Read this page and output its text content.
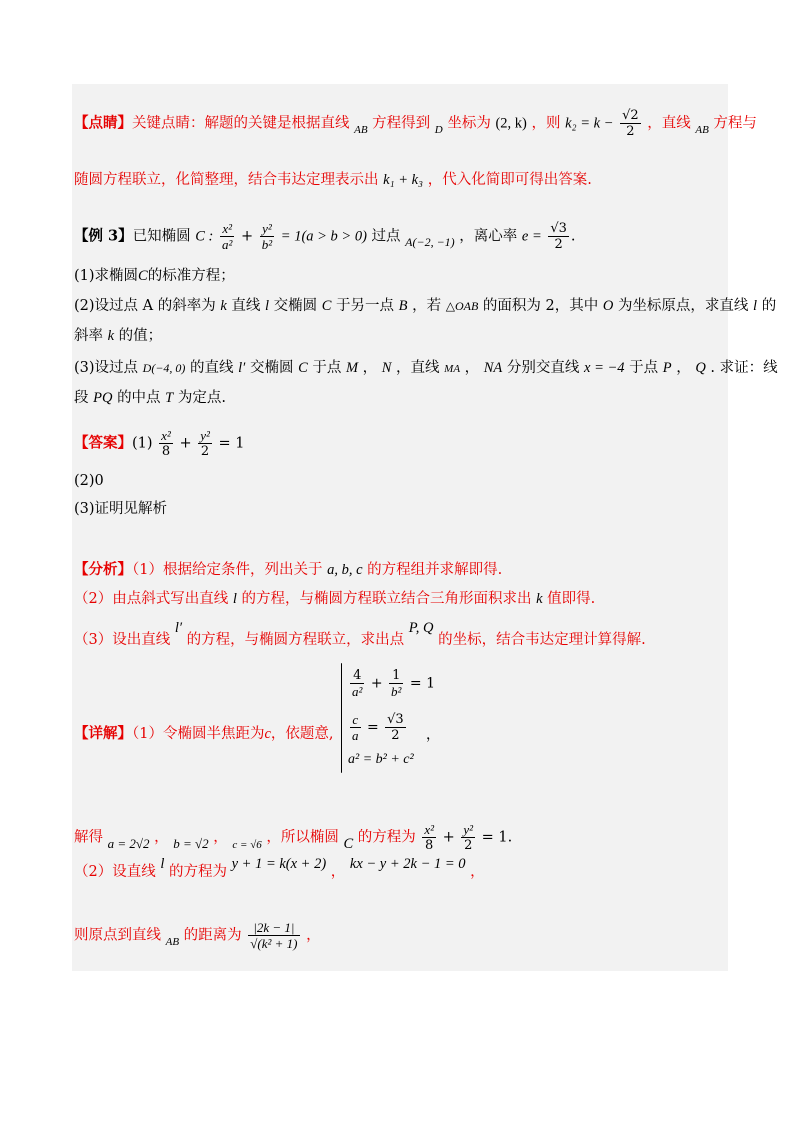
【点睛】关键点睛：解题的关键是根据直线 $_{AB}$ 方程得到 $_D$ 坐标为 (2, k) ，则 $k_2 = k - \frac{√2}{2}$ ，直线 $_{AB}$ 方程与
随圆方程联立，化简整理，结合韦达定理表示出 k₁ + k₃ ，代入化简即可得出答案.
【例 3】已知椭圆 C : $\frac{\text{x²}}{\text{a²}} + \frac{\text{y²}}{\text{b²}} = 1(a > b > 0)$ 过点 $_{A(-2, -1)}$ ，离心率 $e = \frac{√3}{2}$ .
(1)求椭圆C的标准方程；
(2)设过点 A 的斜率为 k 直线 l 交椭圆 C 于另一点 B ，若 △OAB 的面积为 2，其中 O 为坐标原点，求直线 l 的
斜率 k 的值；
(3)设过点 D(−4, 0) 的直线 l′ 交椭圆 C 于点 M ， N ，直线 MA ， NA 分别交直线 x = −4 于点 P ， Q . 求证：线
段 PQ 的中点 T 为定点.
【答案】$(1) \frac{\text{x²}}{8} + \frac{\text{y²}}{2} = 1$
(2)0
(3)证明见解析
【分析】（1）根据给定条件，列出关于 a, b, c 的方程组并求解即得.
（2）由点斜式写出直线 l 的方程，与椭圆方程联立结合三角形面积求出 k 值即得.
（3）设出直线 l′ 的方程，与椭圆方程联立，求出点 P, Q 的坐标，结合韦达定理计算得解.
【详解】（1）令椭圆半焦距为c，依题意,
$\frac{4}{\text{a²}} + \frac{1}{\text{b²}} = 1$
$\frac{c}{a} = \frac{√3}{2}$
a² = b² + c²
，
解得 a = 2√2 ， b = √2 ， $_{c = √6}$ ，所以椭圆 C 的方程为 $\frac{\text{x²}}{8} + \frac{\text{y²}}{2} = 1$.
（2）设直线 l 的方程为 y + 1 = k(x + 2) ， kx − y + 2k − 1 = 0 ，
则原点到直线 $_{AB}$ 的距离为 $\frac{|2k - 1|}{\text{√(k² + 1)}}$ ，
